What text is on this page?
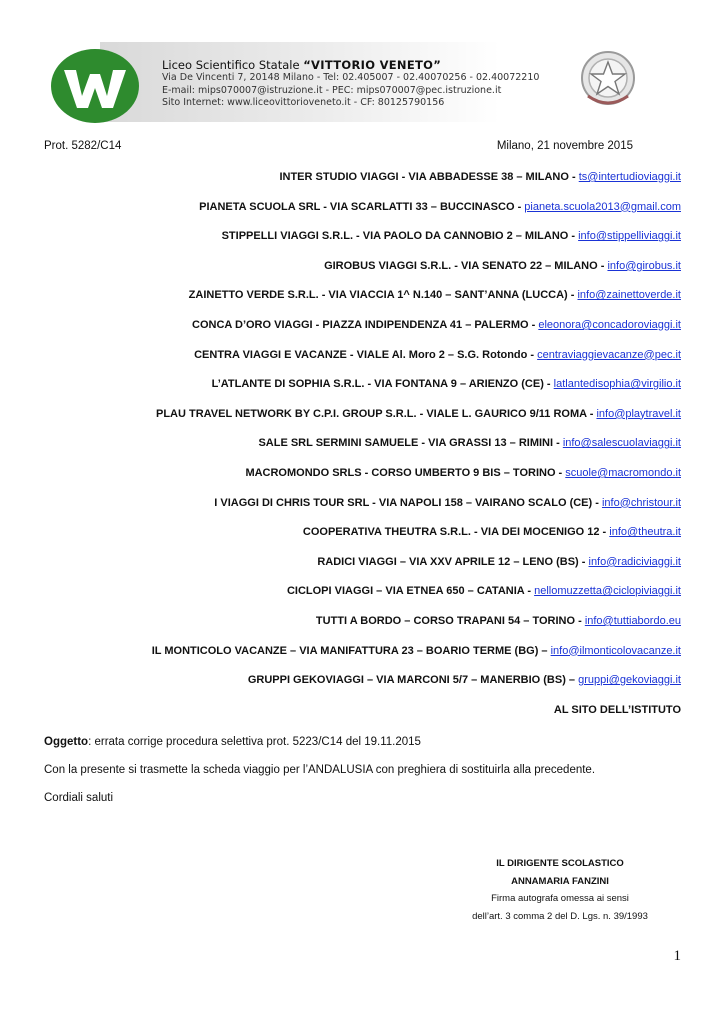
Liceo Scientifico Statale “VITTORIO VENETO”
Via De Vincenti 7, 20148 Milano - Tel: 02.405007 - 02.40070256 - 02.40072210
E-mail: mips070007@istruzione.it - PEC: mips070007@pec.istruzione.it
Sito Internet: www.liceovittorioveneto.it - CF: 80125790156
Prot. 5282/C14	Milano, 21 novembre 2015
INTER STUDIO VIAGGI - VIA ABBADESSE 38 – MILANO - ts@intertudioviaggi.it
PIANETA SCUOLA SRL - VIA SCARLATTI 33 – BUCCINASCO - pianeta.scuola2013@gmail.com
STIPPELLI VIAGGI S.R.L. - VIA PAOLO DA CANNOBIO 2 – MILANO - info@stippelliviaggi.it
GIROBUS VIAGGI S.R.L. - VIA SENATO 22 – MILANO - info@girobus.it
ZAINETTO VERDE S.R.L. - VIA VIACCIA 1^ N.140 – SANT’ANNA (LUCCA) - info@zainettoverde.it
CONCA D’ORO VIAGGI - PIAZZA INDIPENDENZA 41 – PALERMO - eleonora@concadoroviaggi.it
CENTRA VIAGGI E VACANZE - VIALE Al. Moro 2 – S.G. Rotondo - centraviaggievacanze@pec.it
L’ATLANTE DI SOPHIA S.R.L. - VIA FONTANA 9 – ARIENZO (CE) - latlantedisophia@virgilio.it
PLAU TRAVEL NETWORK BY C.P.I. GROUP S.R.L. - VIALE L. GAURICO 9/11 ROMA - info@playtravel.it
SALE SRL SERMINI SAMUELE - VIA GRASSI 13 – RIMINI - info@salescuolaviaggi.it
MACROMONDO SRLS - CORSO UMBERTO 9 BIS – TORINO - scuole@macromondo.it
I VIAGGI DI CHRIS TOUR SRL - VIA NAPOLI 158 – VAIRANO SCALO (CE) - info@christour.it
COOPERATIVA THEUTRA S.R.L. - VIA DEI MOCENIGO 12 - info@theutra.it
RADICI VIAGGI – VIA XXV APRILE 12 – LENO (BS) - info@radiciviaggi.it
CICLOPI VIAGGI – VIA ETNEA 650 – CATANIA - nellomuzzetta@ciclopiviaggi.it
TUTTI A BORDO – CORSO TRAPANI 54 – TORINO - info@tuttiabordo.eu
IL MONTICOLO VACANZE – VIA MANIFATTURA 23 – BOARIO TERME (BG) – info@ilmonticolovacanze.it
GRUPPI GEKOVIAGGI – VIA MARCONI 5/7 – MANERBIO (BS) – gruppi@gekoviaggi.it
AL SITO DELL’ISTITUTO

Oggetto: errata corrige procedura selettiva prot. 5223/C14 del 19.11.2015

Con la presente si trasmette la scheda viaggio per l’ANDALUSIA con preghiera di sostituirla alla precedente.

Cordiali saluti

IL DIRIGENTE SCOLASTICO
ANNAMARIA FANZINI
Firma autografa omessa ai sensi
dell’art. 3 comma 2 del D. Lgs. n. 39/1993
1
